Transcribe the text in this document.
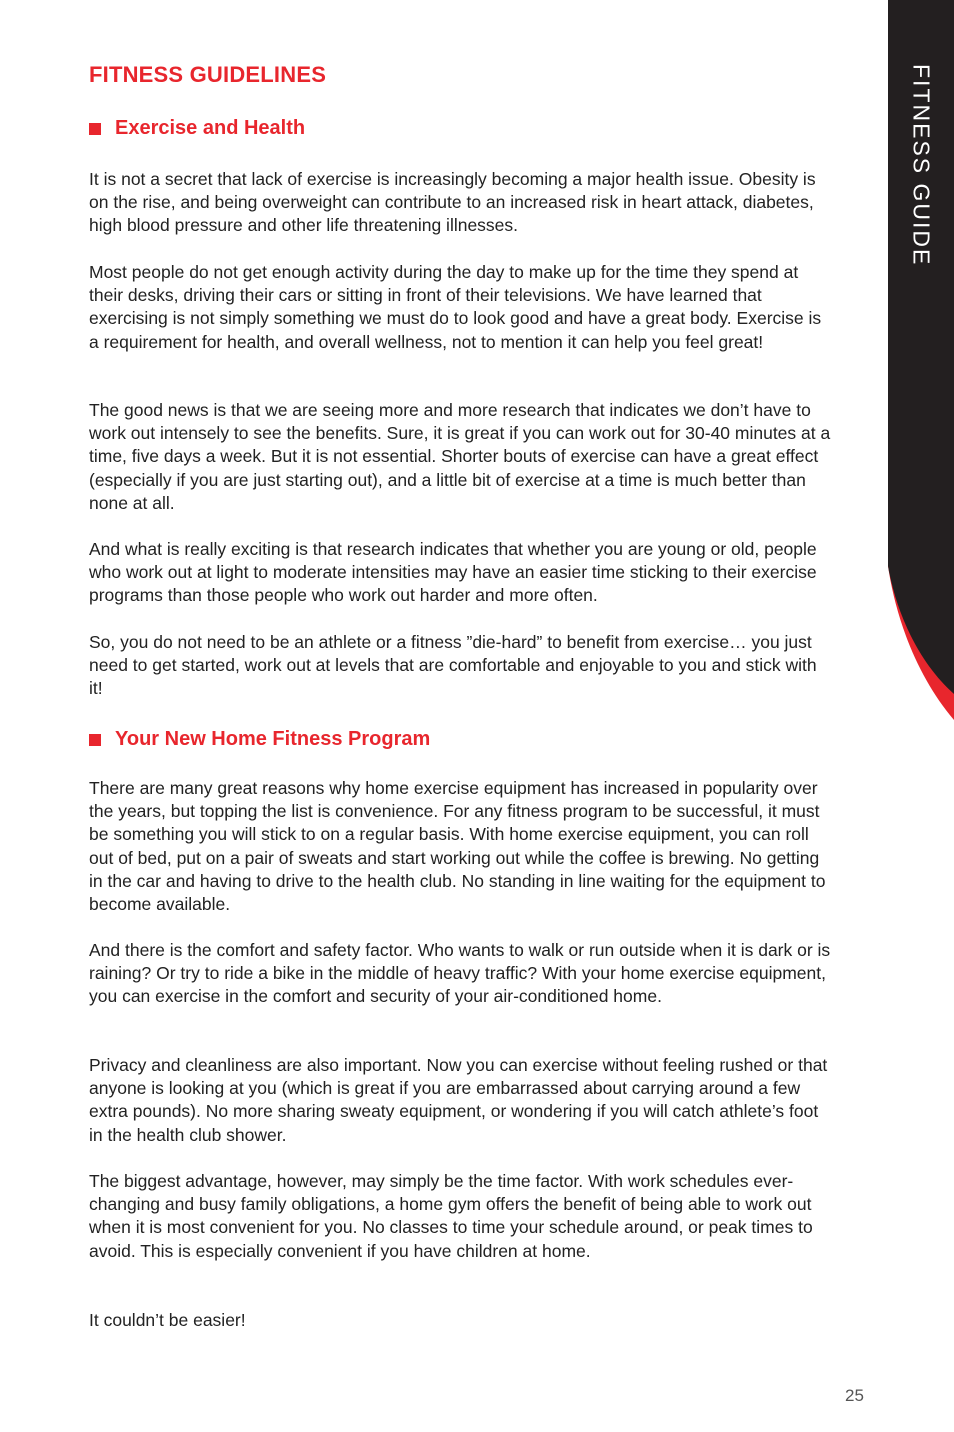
FITNESS GUIDE
FITNESS GUIDELINES
Exercise and Health

It is not a secret that lack of exercise is increasingly becoming a major health issue. Obesity is on the rise, and being overweight can contribute to an increased risk in heart attack, diabetes, high blood pressure and other life threatening illnesses.

Most people do not get enough activity during the day to make up for the time they spend at their desks, driving their cars or sitting in front of their televisions. We have learned that exercising is not simply something we must do to look good and have a great body. Exercise is a requirement for health, and overall wellness, not to mention it can help you feel great!

The good news is that we are seeing more and more research that indicates we don’t have to work out intensely to see the benefits. Sure, it is great if you can work out for 30-40 minutes at a time, five days a week. But it is not essential. Shorter bouts of exercise can have a great effect (especially if you are just starting out), and a little bit of exercise at a time is much better than none at all.

And what is really exciting is that research indicates that whether you are young or old, people who work out at light to moderate intensities may have an easier time sticking to their exercise programs than those people who work out harder and more often.

So, you do not need to be an athlete or a fitness ”die-hard” to benefit from exercise… you just need to get started, work out at levels that are comfortable and enjoyable to you and stick with it!

Your New Home Fitness Program

There are many great reasons why home exercise equipment has increased in popularity over the years, but topping the list is convenience. For any fitness program to be successful, it must be something you will stick to on a regular basis. With home exercise equipment, you can roll out of bed, put on a pair of sweats and start working out while the coffee is brewing. No getting in the car and having to drive to the health club. No standing in line waiting for the equipment to become available.

And there is the comfort and safety factor. Who wants to walk or run outside when it is dark or is raining? Or try to ride a bike in the middle of heavy traffic? With your home exercise equipment, you can exercise in the comfort and security of your air-conditioned home.

Privacy and cleanliness are also important. Now you can exercise without feeling rushed or that anyone is looking at you (which is great if you are embarrassed about carrying around a few extra pounds). No more sharing sweaty equipment, or wondering if you will catch athlete’s foot in the health club shower.

The biggest advantage, however, may simply be the time factor. With work schedules ever-changing and busy family obligations, a home gym offers the benefit of being able to work out when it is most convenient for you. No classes to time your schedule around, or peak times to avoid. This is especially convenient if you have children at home.

It couldn’t be easier!

25
